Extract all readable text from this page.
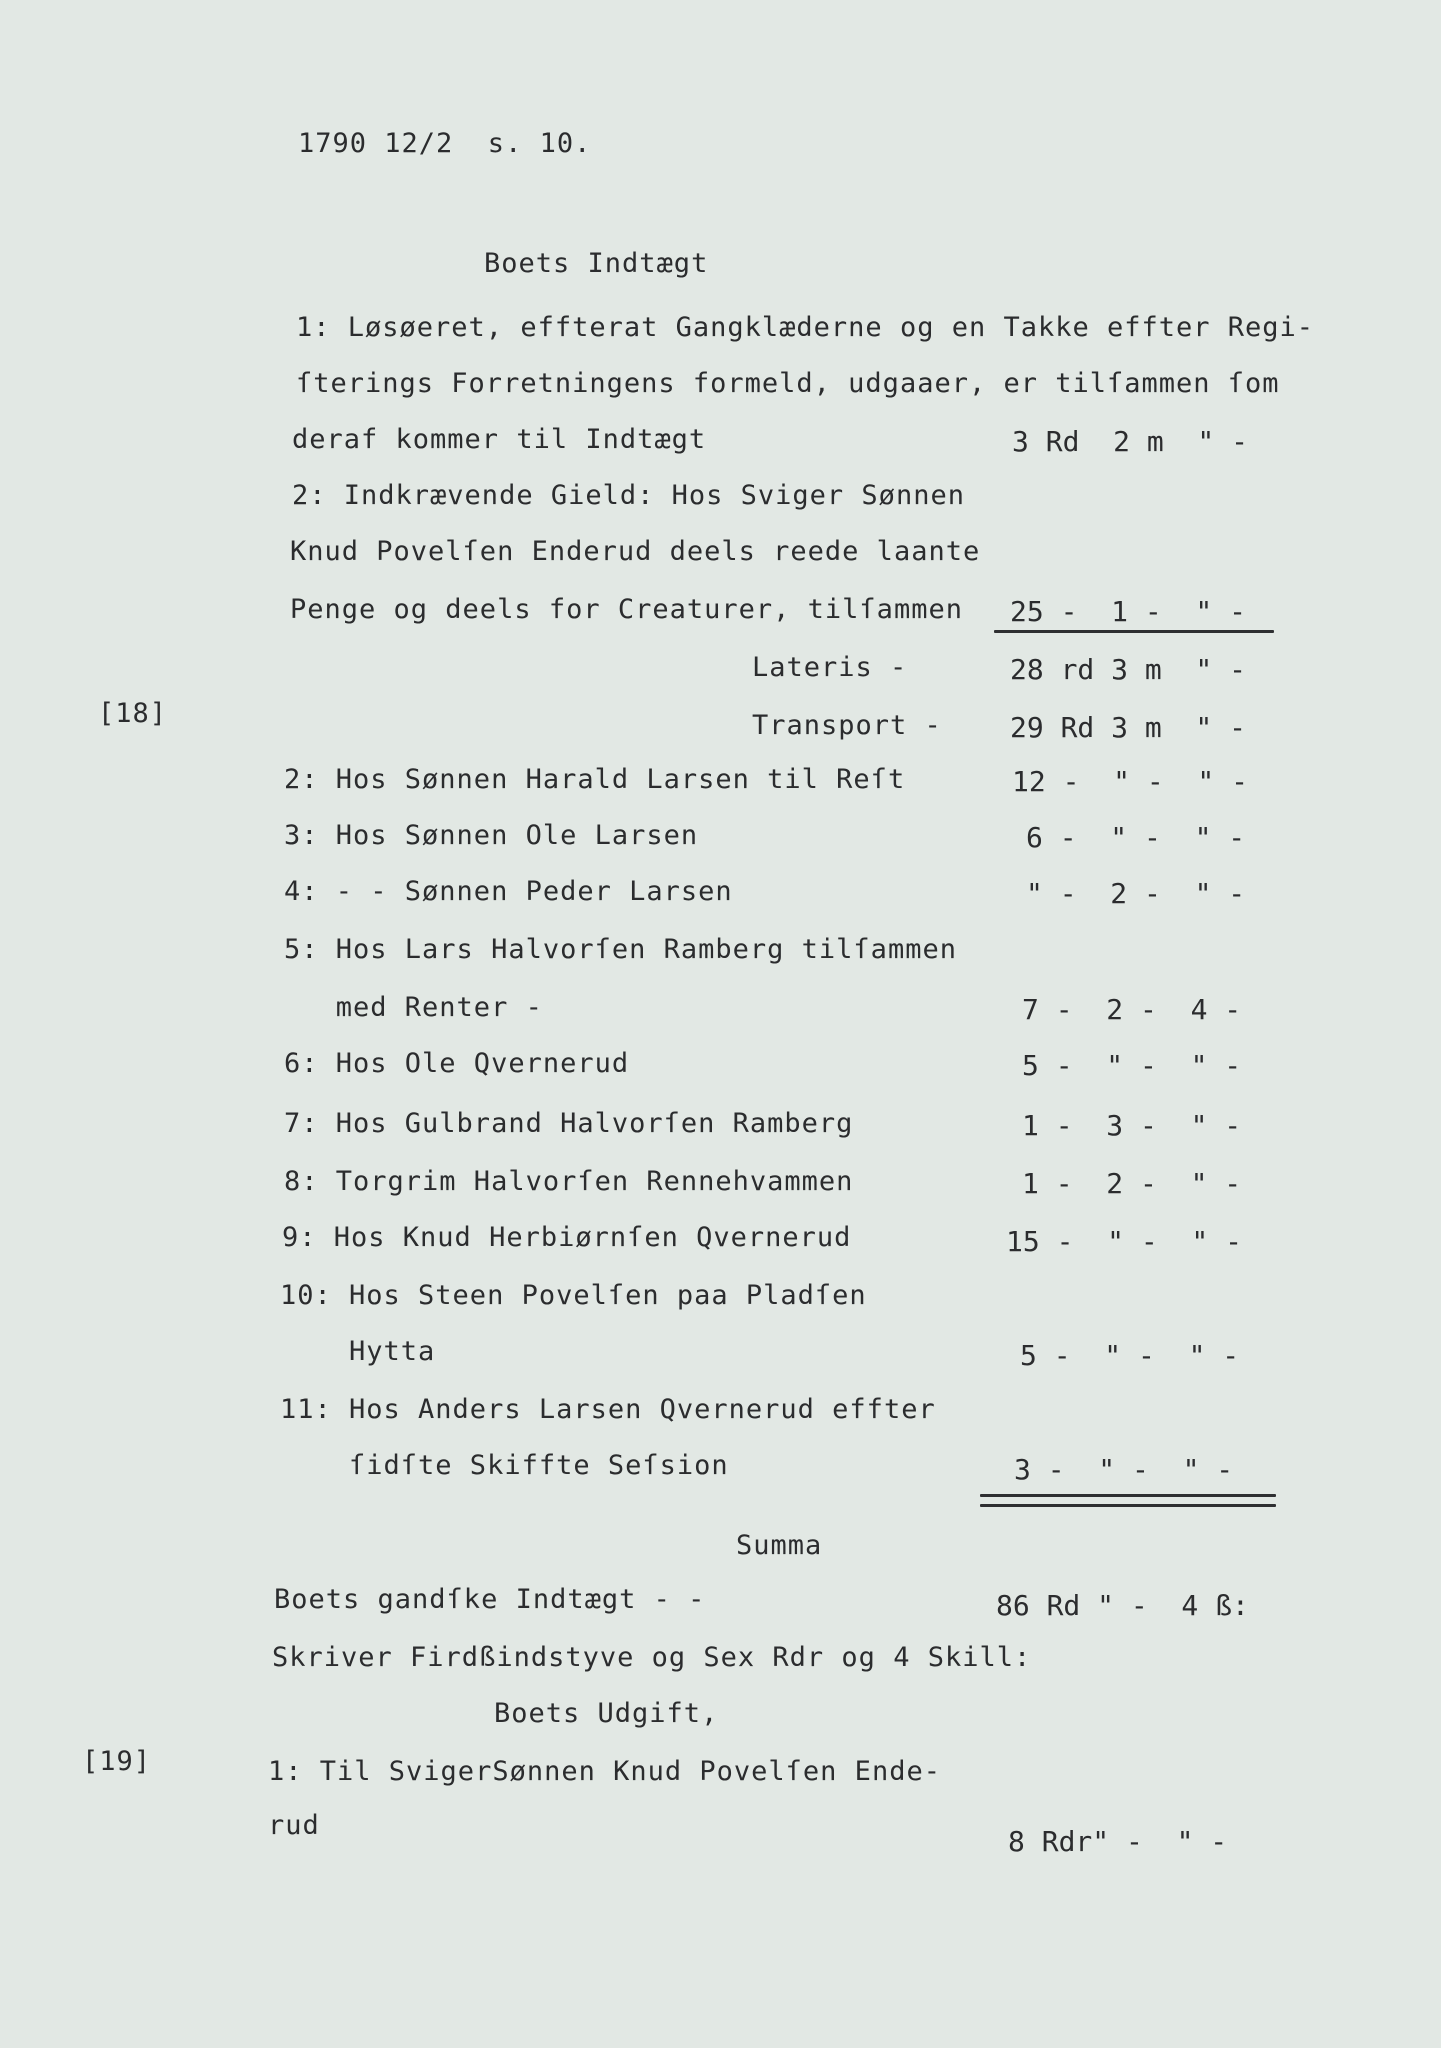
1790 12/2  s. 10.
Boets Indtægt
1: Løsøeret, effterat Gangklæderne og en Takke effter Regi-
ſterings Forretningens formeld, udgaaer, er tilſammen ſom
deraf kommer til Indtægt	3 Rd  2 m  " -
2: Indkrævende Gield: Hos Sviger Sønnen
Knud Povelſen Enderud deels reede laante
Penge og deels for Creaturer, tilſammen 25 -  1 -  " -
Lateris -	28 rd 3 m  " -
[18]	Transport - 29 Rd 3 m  " -
2: Hos Sønnen Harald Larsen til Reſt	12 -  " -  " -
3: Hos Sønnen Ole Larsen	6 -  " -  " -
4: - - Sønnen Peder Larsen	" -  2 -  " -
5: Hos Lars Halvorſen Ramberg tilſammen
med Renter -	7 -  2 -  4 -
6: Hos Ole Qvernerud	5 -  " -  " -
7: Hos Gulbrand Halvorſen Ramberg	1 -  3 -  " -
8: Torgrim Halvorſen Rennehvammen	1 -  2 -  " -
9: Hos Knud Herbiørnſen Qvernerud	15 -  " -  " -
10: Hos Steen Povelſen paa Pladſen
Hytta	5 -  " -  " -
11: Hos Anders Larsen Qvernerud effter
ſidſte Skiffte Seſsion	3 -  " -  " -
Summa
Boets gandſke Indtægt - -	86 Rd " -  4 ß:
Skriver Firdßindstyve og Sex Rdr og 4 Skill:
Boets Udgift,
[19]	1: Til SvigerSønnen Knud Povelſen Ende-
rud	8 Rdr" -  " -
